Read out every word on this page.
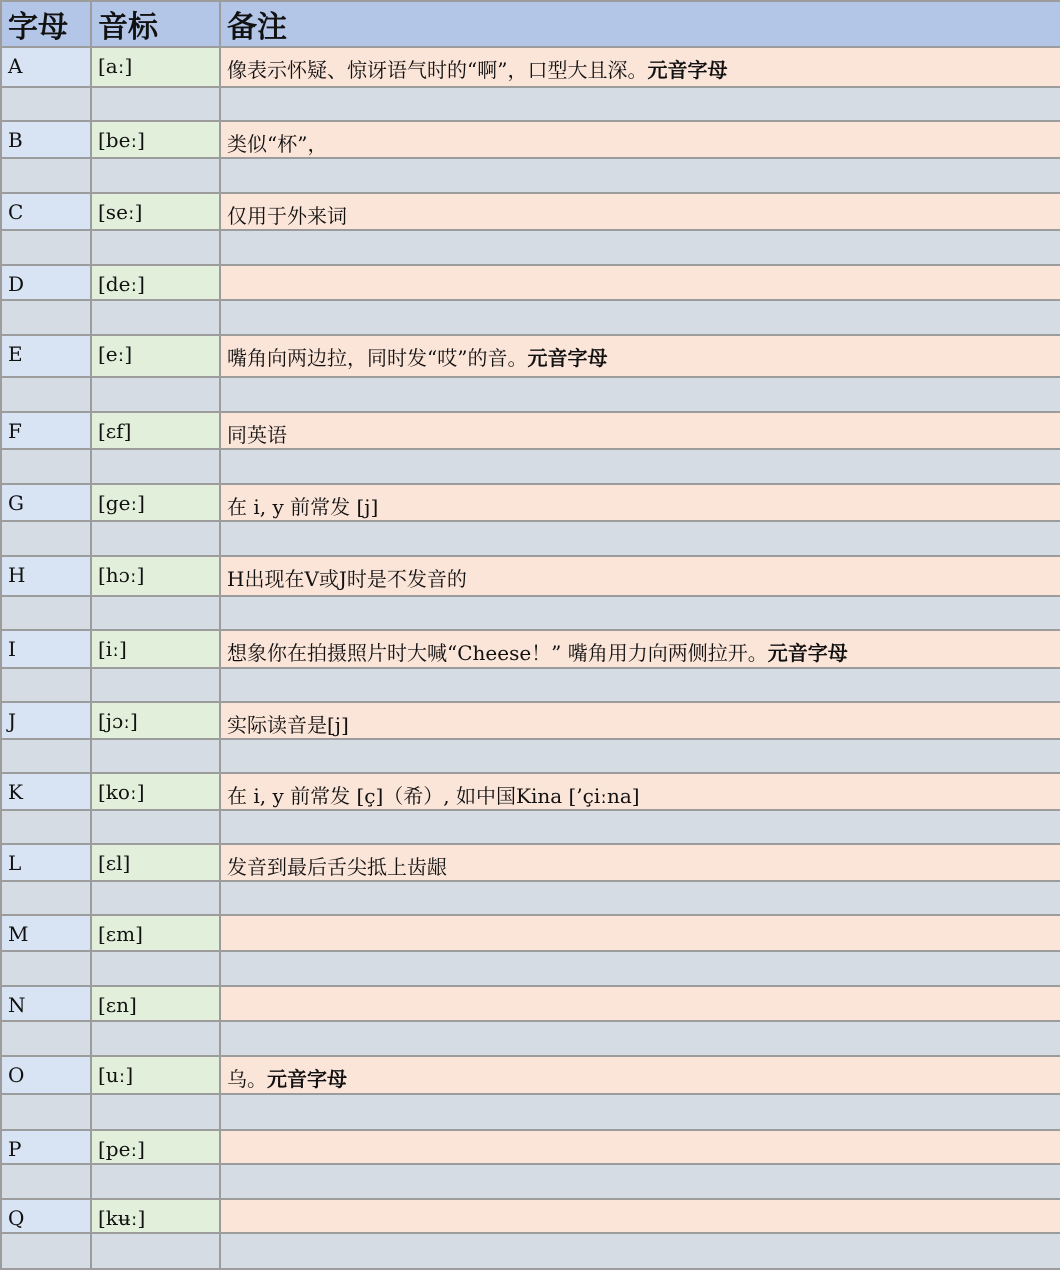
字母	音标	备注
A	[aː]	像表示怀疑、惊讶语气时的“啊”，口型大且深。元音字母

B	[beː]	类似“杯”，

C	[seː]	仅用于外来词

D	[deː]	

E	[eː]	嘴角向两边拉，同时发“哎”的音。元音字母

F	[ɛf]	同英语

G	[geː]	在 i, y 前常发 [j]

H	[hɔː]	H出现在V或J时是不发音的

I	[iː]	想象你在拍摄照片时大喊“Cheese！” 嘴角用力向两侧拉开。元音字母

J	[jɔː]	实际读音是[j]

K	[koː]	在 i, y 前常发 [ç]（希）, 如中国Kina [’çiːna]

L	[ɛl]	发音到最后舌尖抵上齿龈

M	[ɛm]	

N	[ɛn]	

O	[uː]	乌。元音字母

P	[peː]	

Q	[kʉː]	
